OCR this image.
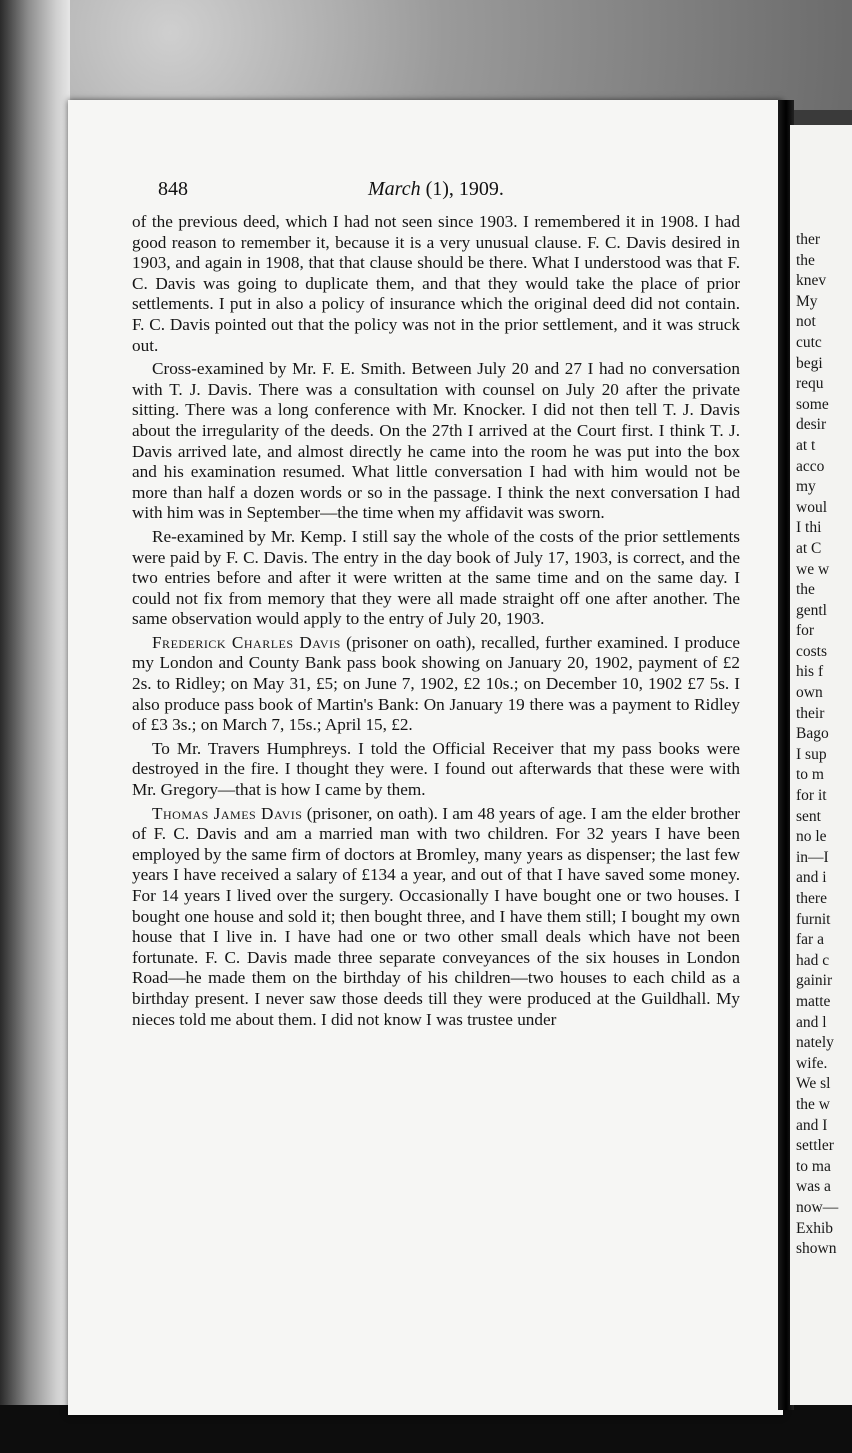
848	March (1), 1909.

of the previous deed, which I had not seen since 1903. I remembered it in 1908. I had good reason to remember it, because it is a very unusual clause. F. C. Davis desired in 1903, and again in 1908, that that clause should be there. What I understood was that F. C. Davis was going to duplicate them, and that they would take the place of prior settlements. I put in also a policy of insurance which the original deed did not contain. F. C. Davis pointed out that the policy was not in the prior settlement, and it was struck out.

Cross-examined by Mr. F. E. Smith. Between July 20 and 27 I had no conversation with T. J. Davis. There was a consultation with counsel on July 20 after the private sitting. There was a long conference with Mr. Knocker. I did not then tell T. J. Davis about the irregularity of the deeds. On the 27th I arrived at the Court first. I think T. J. Davis arrived late, and almost directly he came into the room he was put into the box and his examination resumed. What little conversation I had with him would not be more than half a dozen words or so in the passage. I think the next conversation I had with him was in September—the time when my affidavit was sworn.

Re-examined by Mr. Kemp. I still say the whole of the costs of the prior settlements were paid by F. C. Davis. The entry in the day book of July 17, 1903, is correct, and the two entries before and after it were written at the same time and on the same day. I could not fix from memory that they were all made straight off one after another. The same observation would apply to the entry of July 20, 1903.

Frederick Charles Davis (prisoner on oath), recalled, further examined. I produce my London and County Bank pass book showing on January 20, 1902, payment of £2 2s. to Ridley; on May 31, £5; on June 7, 1902, £2 10s.; on December 10, 1902 £7 5s. I also produce pass book of Martin's Bank: On January 19 there was a payment to Ridley of £3 3s.; on March 7, 15s.; April 15, £2.

To Mr. Travers Humphreys. I told the Official Receiver that my pass books were destroyed in the fire. I thought they were. I found out afterwards that these were with Mr. Gregory—that is how I came by them.

Thomas James Davis (prisoner, on oath). I am 48 years of age. I am the elder brother of F. C. Davis and am a married man with two children. For 32 years I have been employed by the same firm of doctors at Bromley, many years as dispenser; the last few years I have received a salary of £134 a year, and out of that I have saved some money. For 14 years I lived over the surgery. Occasionally I have bought one or two houses. I bought one house and sold it; then bought three, and I have them still; I bought my own house that I live in. I have had one or two other small deals which have not been fortunate. F. C. Davis made three separate conveyances of the six houses in London Road—he made them on the birthday of his children—two houses to each child as a birthday present. I never saw those deeds till they were produced at the Guildhall. My nieces told me about them. I did not know I was trustee under

ther
the
knev
My
not
cutc
begi
requ
some
desir
at t
acco
my
woul
I thi
at C
we w
the
gentl
for
costs
his f
own
their
Bago
I sup
to m
for it
sent
no le
in—I
and i
there
furnit
far a
had c
gainir
matte
and l
nately
wife.
We sl
the w
and I
settler
to ma
was a
now—
Exhib
shown
